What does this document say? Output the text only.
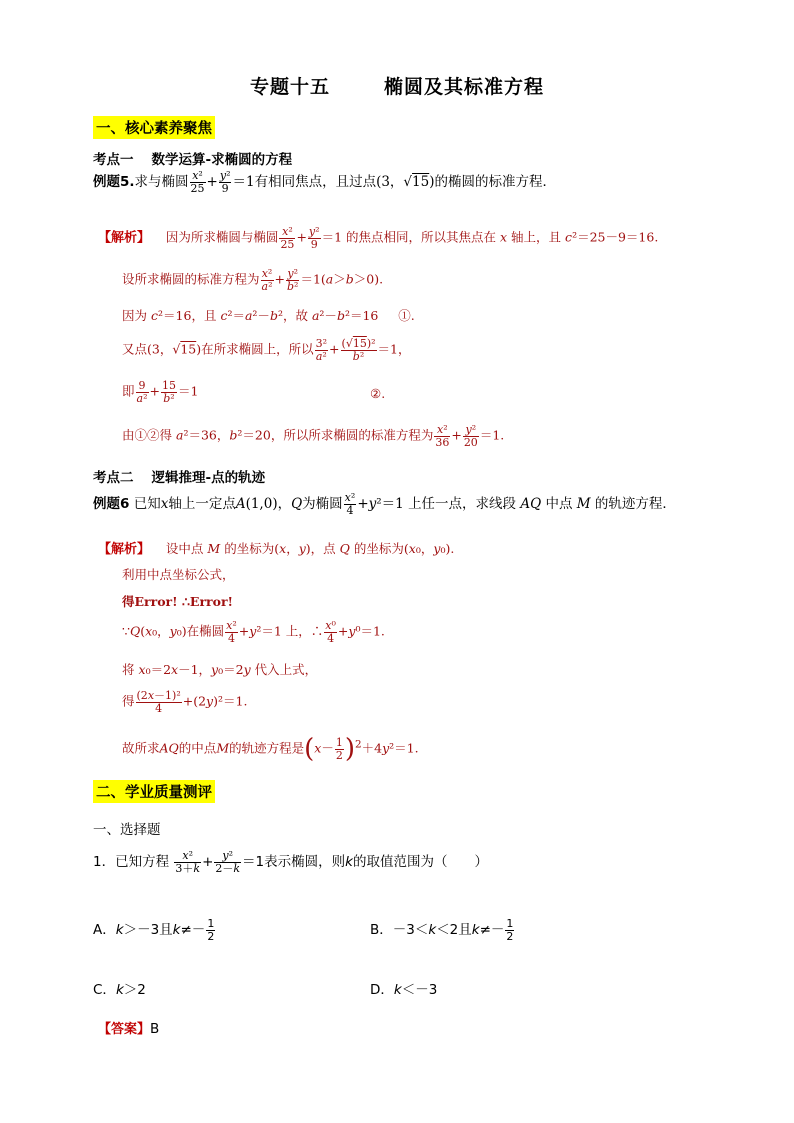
专题十五	椭圆及其标准方程
一、核心素养聚焦
考点一 数学运算-求椭圆的方程
例题5.求与椭圆 $\frac{\text{x²}}{25} + \frac{\text{y²}}{9} =1$有相同焦点，且过点(3，√15)的椭圆的标准方程．
【解析】 因为所求椭圆与椭圆 $\frac{\text{x²}}{25} + \frac{\text{y²}}{9} =1$ 的焦点相同，所以其焦点在 x 轴上，且 c²＝25－9＝16.
设所求椭圆的标准方程为 $\frac{\text{x²}}{\text{a²}} + \frac{\text{y²}}{\text{b²}} =1(a>b>0)$.
因为 c²＝16，且 c²＝a²－b²，故 a²－b²＝16     ①.
又点(3，√15)在所求椭圆上，所以 $\frac{\text{3²}}{\text{a²}} + \frac{\text{(√15)²}}{\text{b²}} =1$，
即 $\frac{9}{\text{a²}} + \frac{15}{\text{b²}} =1$	②.
由①②得 a²＝36，b²＝20，所以所求椭圆的标准方程为 $\frac{\text{x²}}{36} + \frac{\text{y²}}{20} =1$.
考点二 逻辑推理-点的轨迹
例题6 已知x轴上一定点A(1,0)，Q为椭圆 $\frac{\text{x²}}{4} +y^2=1$ 上任一点，求线段 AQ 中点 M 的轨迹方程．
【解析】 设中点 M 的坐标为(x，y)，点 Q 的坐标为(x₀，y₀).
利用中点坐标公式，
得Error! ∴Error!
∵Q(x₀，y₀)在椭圆 $\frac{\text{x²}}{4} +y^2=1$ 上，∴ $\frac{\text{x⁰}}{4} +y^0=1$.
将 x₀＝2x－1，y₀＝2y 代入上式，
得 $\frac{\text{(2x－1)²}}{4} +(2y)^2=1$.
故所求AQ的中点M的轨迹方程是$(x- \frac{1}{2} )^2+4y^2=1$.
二、学业质量测评
一、选择题
1．已知方程 $\frac{\text{x²}}{3+k} + \frac{\text{y²}}{2-k} =1$表示椭圆，则k的取值范围为（　　）
A．k＞－3且$k\ne- \frac{1}{2}$	B．－3＜k＜2且$k\ne- \frac{1}{2}$
C．k＞2	D．k＜－3
【答案】B
